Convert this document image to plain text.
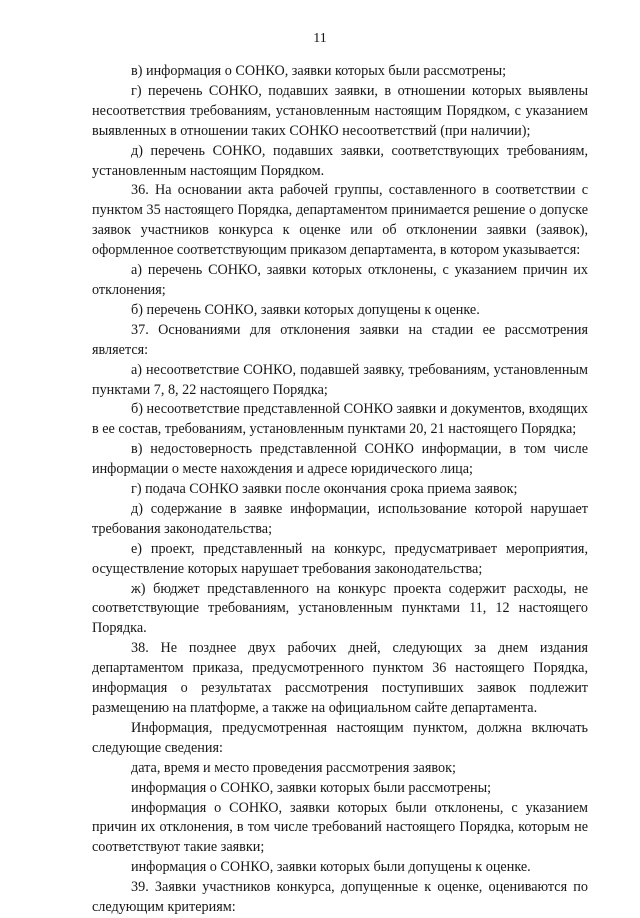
11

в) информация о СОНКО, заявки которых были рассмотрены;

г) перечень СОНКО, подавших заявки, в отношении которых выявлены несоответствия требованиям, установленным настоящим Порядком, с указанием выявленных в отношении таких СОНКО несоответствий (при наличии);

д) перечень СОНКО, подавших заявки, соответствующих требованиям, установленным настоящим Порядком.

36. На основании акта рабочей группы, составленного в соответствии с пунктом 35 настоящего Порядка, департаментом принимается решение о допуске заявок участников конкурса к оценке или об отклонении заявки (заявок), оформленное соответствующим приказом департамента, в котором указывается:

а) перечень СОНКО, заявки которых отклонены, с указанием причин их отклонения;

б) перечень СОНКО, заявки которых допущены к оценке.

37. Основаниями для отклонения заявки на стадии ее рассмотрения является:

а) несоответствие СОНКО, подавшей заявку, требованиям, установленным пунктами 7, 8, 22 настоящего Порядка;

б) несоответствие представленной СОНКО заявки и документов, входящих в ее состав, требованиям, установленным пунктами 20, 21 настоящего Порядка;

в) недостоверность представленной СОНКО информации, в том числе информации о месте нахождения и адресе юридического лица;

г) подача СОНКО заявки после окончания срока приема заявок;

д) содержание в заявке информации, использование которой нарушает требования законодательства;

е) проект, представленный на конкурс, предусматривает мероприятия, осуществление которых нарушает требования законодательства;

ж) бюджет представленного на конкурс проекта содержит расходы, не соответствующие требованиям, установленным пунктами 11, 12 настоящего Порядка.

38. Не позднее двух рабочих дней, следующих за днем издания департаментом приказа, предусмотренного пунктом 36 настоящего Порядка, информация о результатах рассмотрения поступивших заявок подлежит размещению на платформе, а также на официальном сайте департамента.

Информация, предусмотренная настоящим пунктом, должна включать следующие сведения:

дата, время и место проведения рассмотрения заявок;

информация о СОНКО, заявки которых были рассмотрены;

информация о СОНКО, заявки которых были отклонены, с указанием причин их отклонения, в том числе требований настоящего Порядка, которым не соответствуют такие заявки;

информация о СОНКО, заявки которых были допущены к оценке.

39. Заявки участников конкурса, допущенные к оценке, оцениваются по следующим критериям:
